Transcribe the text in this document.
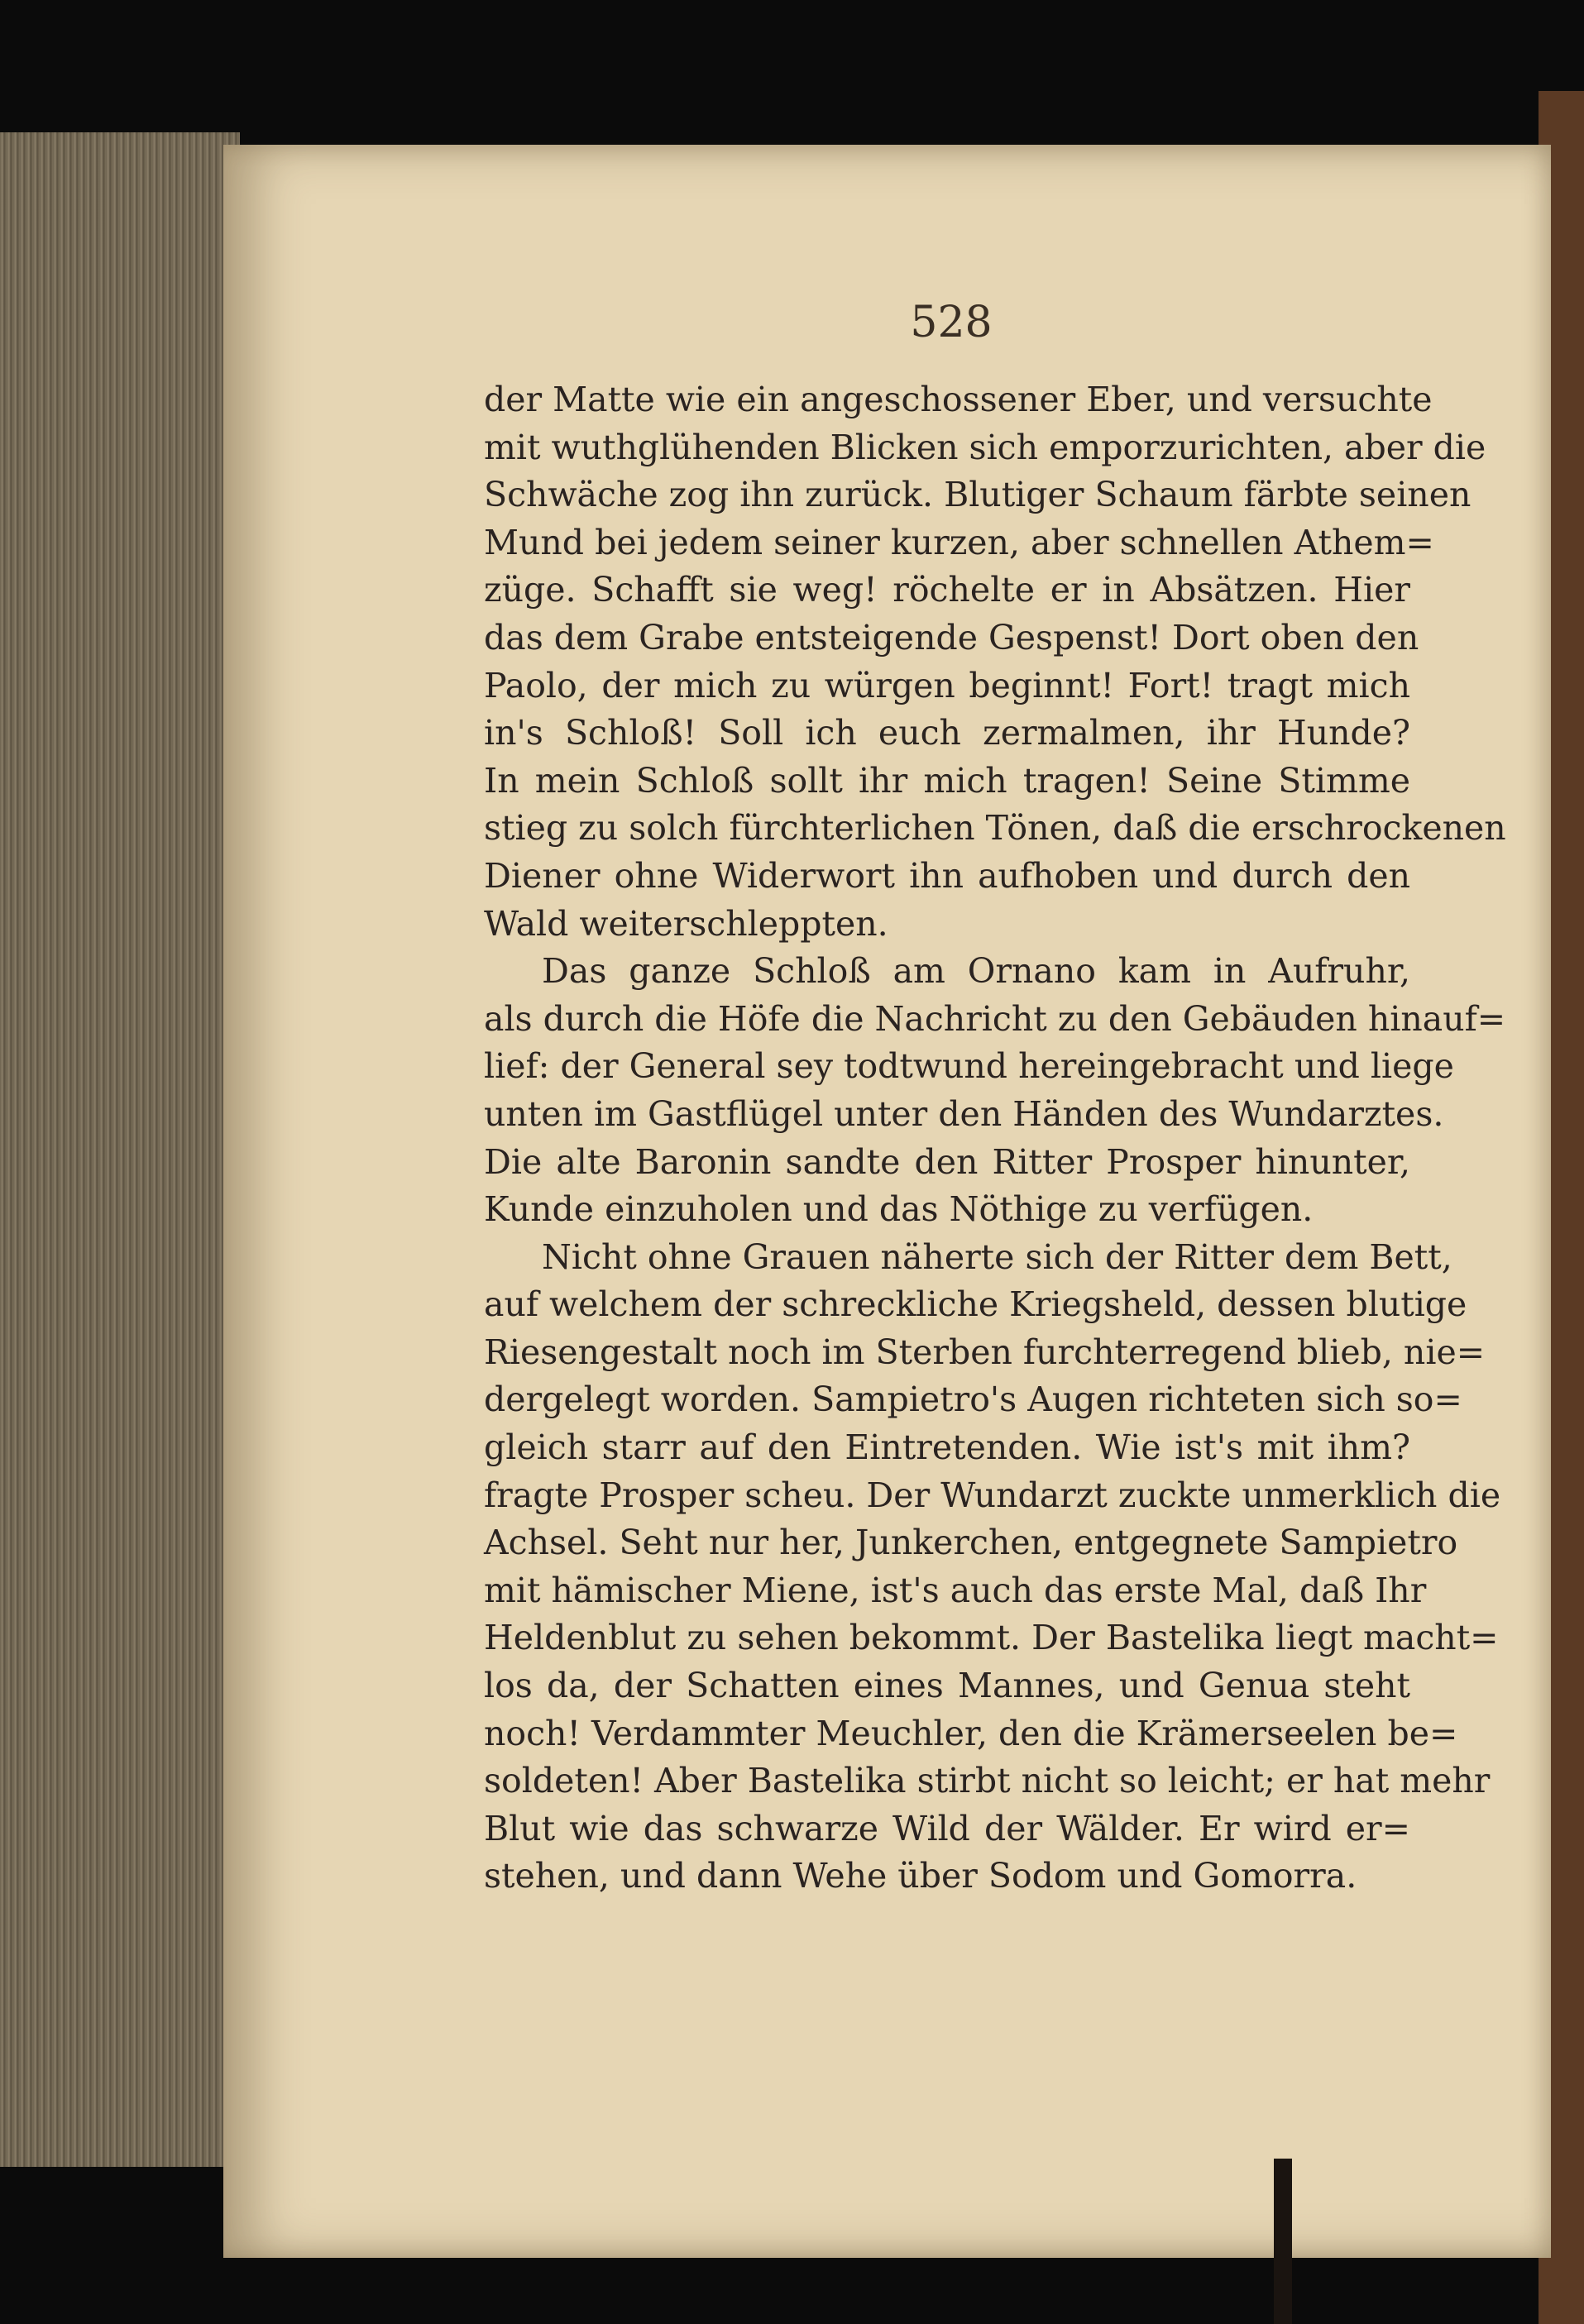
528
der Matte wie ein angeschossener Eber, und versuchte
mit wuthglühenden Blicken sich emporzurichten, aber die
Schwäche zog ihn zurück. Blutiger Schaum färbte seinen
Mund bei jedem seiner kurzen, aber schnellen Athem=
züge. Schafft sie weg! röchelte er in Absätzen. Hier
das dem Grabe entsteigende Gespenst! Dort oben den
Paolo, der mich zu würgen beginnt! Fort! tragt mich
in's Schloß! Soll ich euch zermalmen, ihr Hunde?
In mein Schloß sollt ihr mich tragen! Seine Stimme
stieg zu solch fürchterlichen Tönen, daß die erschrockenen
Diener ohne Widerwort ihn aufhoben und durch den
Wald weiterschleppten.
Das ganze Schloß am Ornano kam in Aufruhr,
als durch die Höfe die Nachricht zu den Gebäuden hinauf=
lief: der General sey todtwund hereingebracht und liege
unten im Gastflügel unter den Händen des Wundarztes.
Die alte Baronin sandte den Ritter Prosper hinunter,
Kunde einzuholen und das Nöthige zu verfügen.
Nicht ohne Grauen näherte sich der Ritter dem Bett,
auf welchem der schreckliche Kriegsheld, dessen blutige
Riesengestalt noch im Sterben furchterregend blieb, nie=
dergelegt worden. Sampietro's Augen richteten sich so=
gleich starr auf den Eintretenden. Wie ist's mit ihm?
fragte Prosper scheu. Der Wundarzt zuckte unmerklich die
Achsel. Seht nur her, Junkerchen, entgegnete Sampietro
mit hämischer Miene, ist's auch das erste Mal, daß Ihr
Heldenblut zu sehen bekommt. Der Bastelika liegt macht=
los da, der Schatten eines Mannes, und Genua steht
noch! Verdammter Meuchler, den die Krämerseelen be=
soldeten! Aber Bastelika stirbt nicht so leicht; er hat mehr
Blut wie das schwarze Wild der Wälder. Er wird er=
stehen, und dann Wehe über Sodom und Gomorra.
